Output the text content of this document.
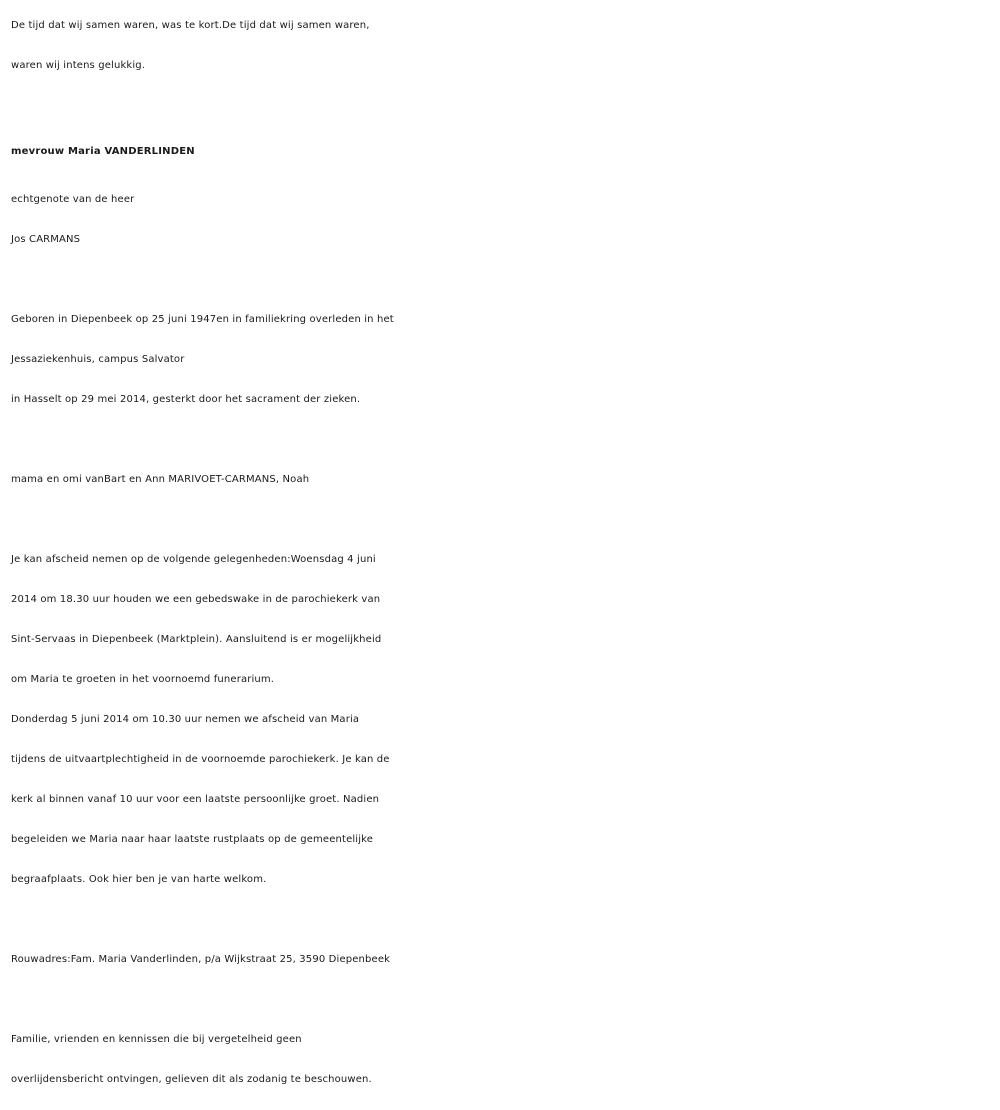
De tijd dat wij samen waren, was te kort.De tijd dat wij samen waren,
waren wij intens gelukkig.
mevrouw Maria VANDERLINDEN
echtgenote van de heer
Jos CARMANS
Geboren in Diepenbeek op 25 juni 1947en in familiekring overleden in het
Jessaziekenhuis, campus Salvator
in Hasselt op 29 mei 2014, gesterkt door het sacrament der zieken.
mama en omi vanBart en Ann MARIVOET-CARMANS, Noah
Je kan afscheid nemen op de volgende gelegenheden:Woensdag 4 juni
2014 om 18.30 uur houden we een gebedswake in de parochiekerk van
Sint-Servaas in Diepenbeek (Marktplein). Aansluitend is er mogelijkheid
om Maria te groeten in het voornoemd funerarium.
Donderdag 5 juni 2014 om 10.30 uur nemen we afscheid van Maria
tijdens de uitvaartplechtigheid in de voornoemde parochiekerk. Je kan de
kerk al binnen vanaf 10 uur voor een laatste persoonlijke groet. Nadien
begeleiden we Maria naar haar laatste rustplaats op de gemeentelijke
begraafplaats. Ook hier ben je van harte welkom.
Rouwadres:Fam. Maria Vanderlinden, p/a Wijkstraat 25, 3590 Diepenbeek
Familie, vrienden en kennissen die bij vergetelheid geen
overlijdensbericht ontvingen, gelieven dit als zodanig te beschouwen.
